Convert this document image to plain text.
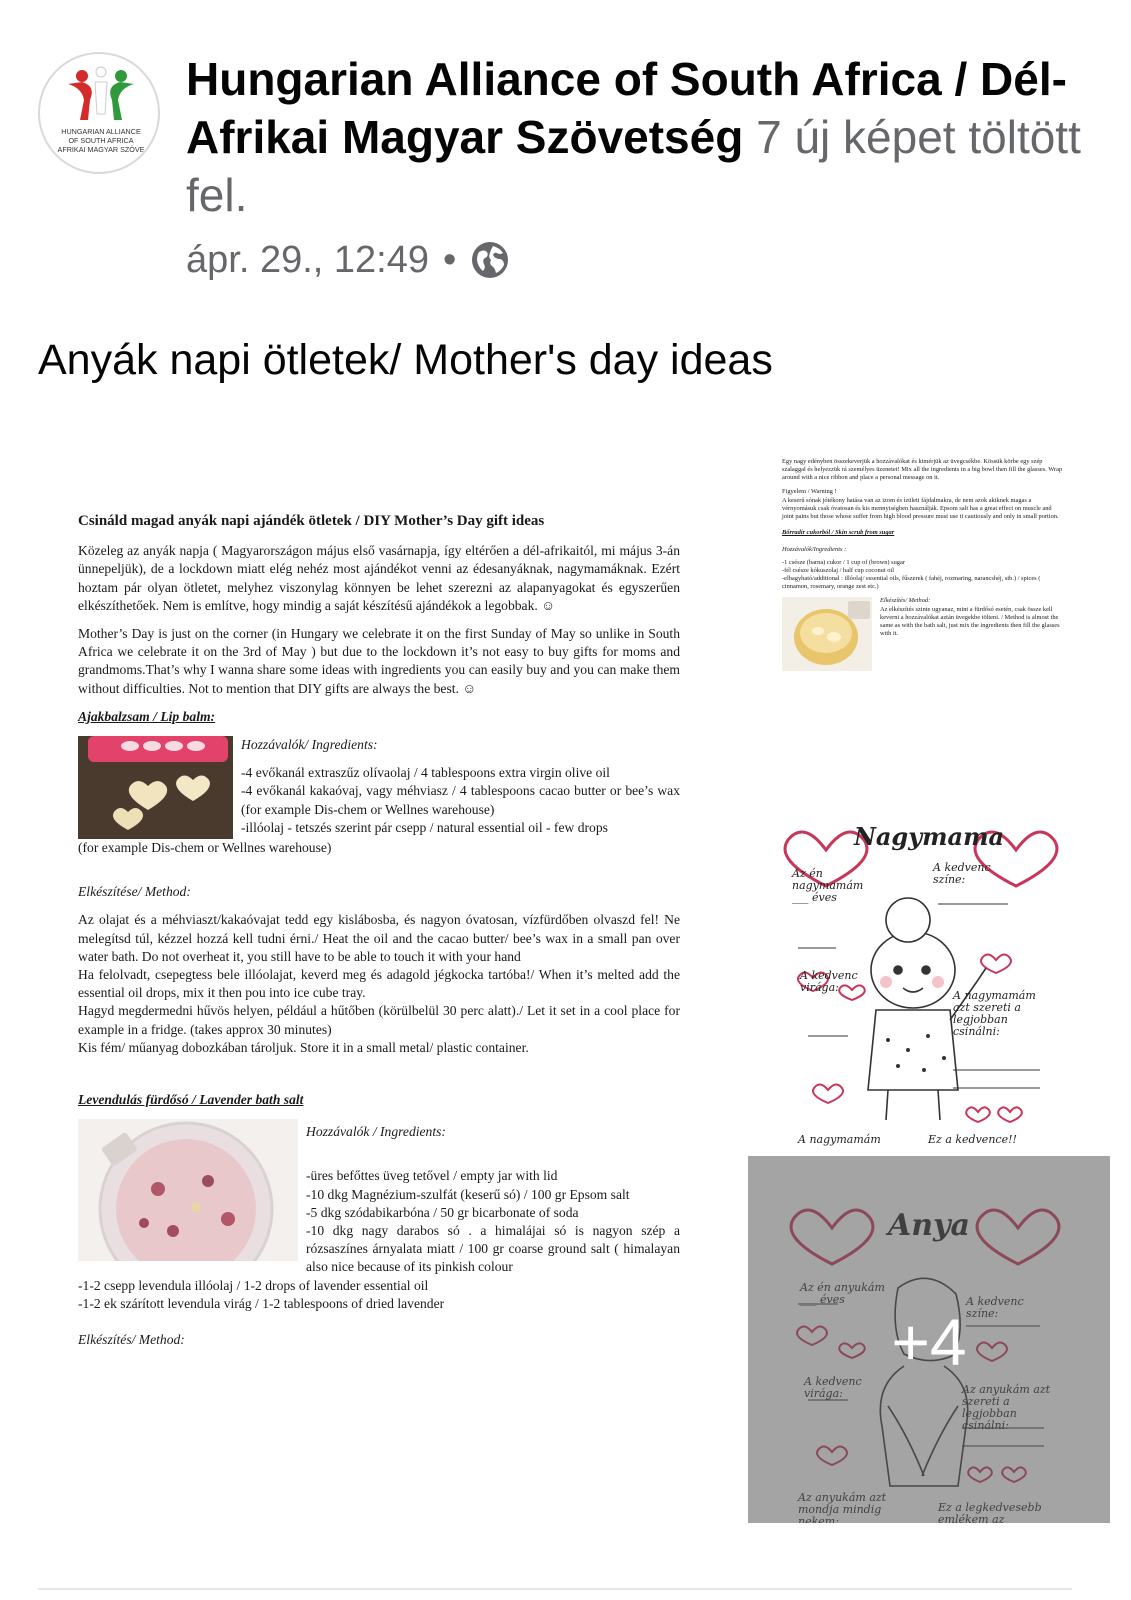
HUNGARIAN ALLIANCE
OF SOUTH AFRICA
AFRIKAI MAGYAR SZÖVE
Hungarian Alliance of South Africa / Dél-Afrikai Magyar Szövetség 7 új képet töltött fel.
ápr. 29., 12:49 •
Anyák napi ötletek/ Mother's day ideas

Csináld magad anyák napi ajándék ötletek / DIY Mother’s Day gift ideas

Közeleg az anyák napja ( Magyarországon május első vasárnapja, így eltérően a dél-afrikaitól, mi május 3-án ünnepeljük), de a lockdown miatt elég nehéz most ajándékot venni az édesanyáknak, nagymamáknak. Ezért hoztam pár olyan ötletet, melyhez viszonylag könnyen be lehet szerezni az alapanyagokat és egyszerűen elkészíthetőek. Nem is említve, hogy mindig a saját készítésű ajándékok a legobbak. ☺

Mother’s Day is just on the corner (in Hungary we celebrate it on the first Sunday of May so unlike in South Africa we celebrate it on the 3rd of May ) but due to the lockdown it’s not easy to buy gifts for moms and grandmoms.That’s why I wanna share some ideas with ingredients you can easily buy and you can make them without difficulties. Not to mention that DIY gifts are always the best. ☺

Ajakbalzsam / Lip balm:

Hozzávalók/ Ingredients:

-4 evőkanál extraszűz olívaolaj / 4 tablespoons extra virgin olive oil

-4 evőkanál kakaóvaj, vagy méhviasz / 4 tablespoons cacao butter or bee’s wax (for example Dis-chem or Wellnes warehouse)

-illóolaj - tetszés szerint pár csepp / natural essential oil - few drops

(for example Dis-chem or Wellnes warehouse)

Elkészítése/ Method:

Az olajat és a méhviaszt/kakaóvajat tedd egy kislábosba, és nagyon óvatosan, vízfürdőben olvaszd fel! Ne melegítsd túl, kézzel hozzá kell tudni érni./ Heat the oil and the cacao butter/ bee’s wax in a small pan over water bath. Do not overheat it, you still have to be able to touch it with your hand

Ha felolvadt, csepegtess bele illóolajat, keverd meg és adagold jégkocka tartóba!/ When it’s melted add the essential oil drops, mix it then pou into ice cube tray.

Hagyd megdermedni hűvös helyen, például a hűtőben (körülbelül 30 perc alatt)./ Let it set in a cool place for example in a fridge. (takes approx 30 minutes)

Kis fém/ műanyag dobozkában tároljuk. Store it in a small metal/ plastic container.

Levendulás fürdősó / Lavender bath salt

Hozzávalók / Ingredients:

-üres befőttes üveg tetővel / empty jar with lid

-10 dkg Magnézium-szulfát (keserű só) / 100 gr Epsom salt

-5 dkg szódabikarbóna / 50 gr bicarbonate of soda

-10 dkg nagy darabos só . a himalájai só is nagyon szép a rózsaszínes árnyalata miatt / 100 gr coarse ground salt ( himalayan also nice because of its pinkish colour

-1-2 csepp levendula illóolaj / 1-2 drops of lavender essential oil

-1-2 ek szárított levendula virág / 1-2 tablespoons of dried lavender

Elkészítés/ Method:

Egy nagy edényben összekeverjük a hozzávalókat és kimérjük az üvegcsékbe. Kössük körbe egy szép szalaggal és helyezzük rá személyes üzenetet! Mix all the ingredients in a big bowl then fill the glasses. Wrap around with a nice ribbon and place a personal message on it.

Figyelem / Warning !

A keserű sónak jótékony hatása van az izom és ízületi fájdalmakra, de nem azok akiknek magas a vérnyomásuk csak óvatosan és kis mennyiségben használják. Epsom salt has a great effect on muscle and joint pains but those whose suffer from high blood pressure must use it cautiously and only in small portion.

Bőrradír cukorból / Skin scrub from sugar

Hozzávalók/Ingredients :

-1 csésze (barna) cukor / 1 cup of (brown) sugar

-fél csésze kókuszolaj / half cup coconut oil

-elhagyható/additional : illóolaj/ essential oils, fűszerek ( fahéj, rozmaring, narancshéj, stb.) / spices ( cinnamon, rosemary, orange zest etc.)

Elkészítés/ Method:

Az elkészítés szinte ugyanaz, mint a fürdősó esetén, csak össze kell keverni a hozzávalókat aztán üvegekbe tölteni. / Method is almost the same as with the bath salt, just mix the ingredients then fill the glasses with it.

Nagymama
Az én nagymamám ___ éves
A kedvenc színe:
A kedvenc virága:
A nagymamám azt szereti a legjobban csinálni:
A nagymamám	Ez a kedvence!!
+4
